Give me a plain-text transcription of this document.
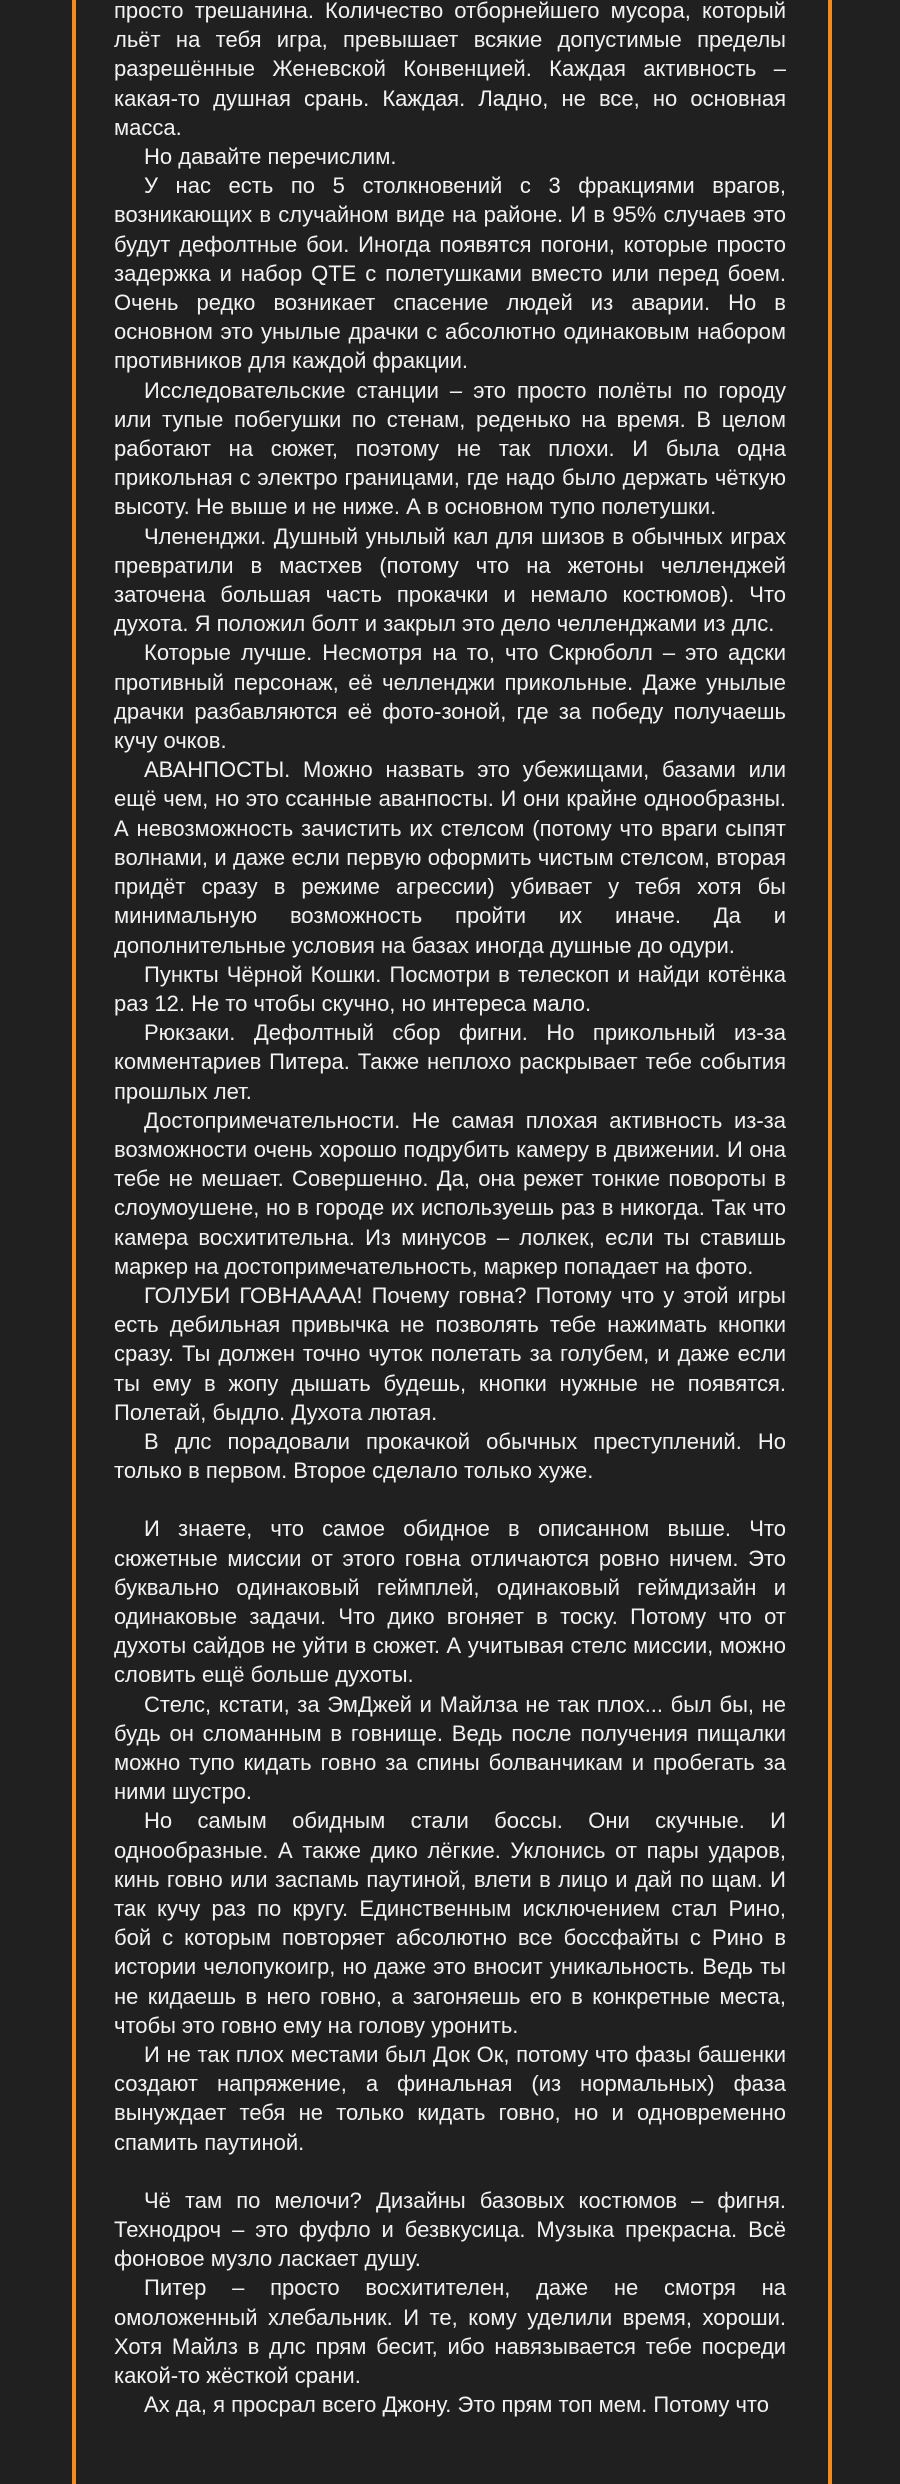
просто трешанина. Количество отборнейшего мусора, который льёт на тебя игра, превышает всякие допустимые пределы разрешённые Женевской Конвенцией. Каждая активность – какая-то душная срань. Каждая. Ладно, не все, но основная масса.

Но давайте перечислим.

У нас есть по 5 столкновений с 3 фракциями врагов, возникающих в случайном виде на районе. И в 95% случаев это будут дефолтные бои. Иногда появятся погони, которые просто задержка и набор QTE с полетушками вместо или перед боем. Очень редко возникает спасение людей из аварии. Но в основном это унылые драчки с абсолютно одинаковым набором противников для каждой фракции.

Исследовательские станции – это просто полёты по городу или тупые побегушки по стенам, реденько на время. В целом работают на сюжет, поэтому не так плохи. И была одна прикольная с электро границами, где надо было держать чёткую высоту. Не выше и не ниже. А в основном тупо полетушки.

Члененджи. Душный унылый кал для шизов в обычных играх превратили в мастхев (потому что на жетоны челленджей заточена большая часть прокачки и немало костюмов). Что духота. Я положил болт и закрыл это дело челленджами из длс.

Которые лучше. Несмотря на то, что Скрюболл – это адски противный персонаж, её челленджи прикольные. Даже унылые драчки разбавляются её фото-зоной, где за победу получаешь кучу очков.

АВАНПОСТЫ. Можно назвать это убежищами, базами или ещё чем, но это ссанные аванпосты. И они крайне однообразны. А невозможность зачистить их стелсом (потому что враги сыпят волнами, и даже если первую оформить чистым стелсом, вторая придёт сразу в режиме агрессии) убивает у тебя хотя бы минимальную возможность пройти их иначе. Да и дополнительные условия на базах иногда душные до одури.

Пункты Чёрной Кошки. Посмотри в телескоп и найди котёнка раз 12. Не то чтобы скучно, но интереса мало.

Рюкзаки. Дефолтный сбор фигни. Но прикольный из-за комментариев Питера. Также неплохо раскрывает тебе события прошлых лет.

Достопримечательности. Не самая плохая активность из-за возможности очень хорошо подрубить камеру в движении. И она тебе не мешает. Совершенно. Да, она режет тонкие повороты в слоумоушене, но в городе их используешь раз в никогда. Так что камера восхитительна. Из минусов – лолкек, если ты ставишь маркер на достопримечательность, маркер попадает на фото.

ГОЛУБИ ГОВНАААА! Почему говна? Потому что у этой игры есть дебильная привычка не позволять тебе нажимать кнопки сразу. Ты должен точно чуток полетать за голубем, и даже если ты ему в жопу дышать будешь, кнопки нужные не появятся. Полетай, быдло. Духота лютая.

В длс порадовали прокачкой обычных преступлений. Но только в первом. Второе сделало только хуже.

И знаете, что самое обидное в описанном выше. Что сюжетные миссии от этого говна отличаются ровно ничем. Это буквально одинаковый геймплей, одинаковый геймдизайн и одинаковые задачи. Что дико вгоняет в тоску. Потому что от духоты сайдов не уйти в сюжет. А учитывая стелс миссии, можно словить ещё больше духоты.

Стелс, кстати, за ЭмДжей и Майлза не так плох... был бы, не будь он сломанным в говнище. Ведь после получения пищалки можно тупо кидать говно за спины болванчикам и пробегать за ними шустро.

Но самым обидным стали боссы. Они скучные. И однообразные. А также дико лёгкие. Уклонись от пары ударов, кинь говно или заспамь паутиной, влети в лицо и дай по щам. И так кучу раз по кругу. Единственным исключением стал Рино, бой с которым повторяет абсолютно все боссфайты с Рино в истории челопукоигр, но даже это вносит уникальность. Ведь ты не кидаешь в него говно, а загоняешь его в конкретные места, чтобы это говно ему на голову уронить.

И не так плох местами был Док Ок, потому что фазы башенки создают напряжение, а финальная (из нормальных) фаза вынуждает тебя не только кидать говно, но и одновременно спамить паутиной.

Чё там по мелочи? Дизайны базовых костюмов – фигня. Технодроч – это фуфло и безвкусица. Музыка прекрасна. Всё фоновое музло ласкает душу.

Питер – просто восхитителен, даже не смотря на омоложенный хлебальник. И те, кому уделили время, хороши. Хотя Майлз в длс прям бесит, ибо навязывается тебе посреди какой-то жёсткой срани.

Ах да, я просрал всего Джону. Это прям топ мем. Потому что
